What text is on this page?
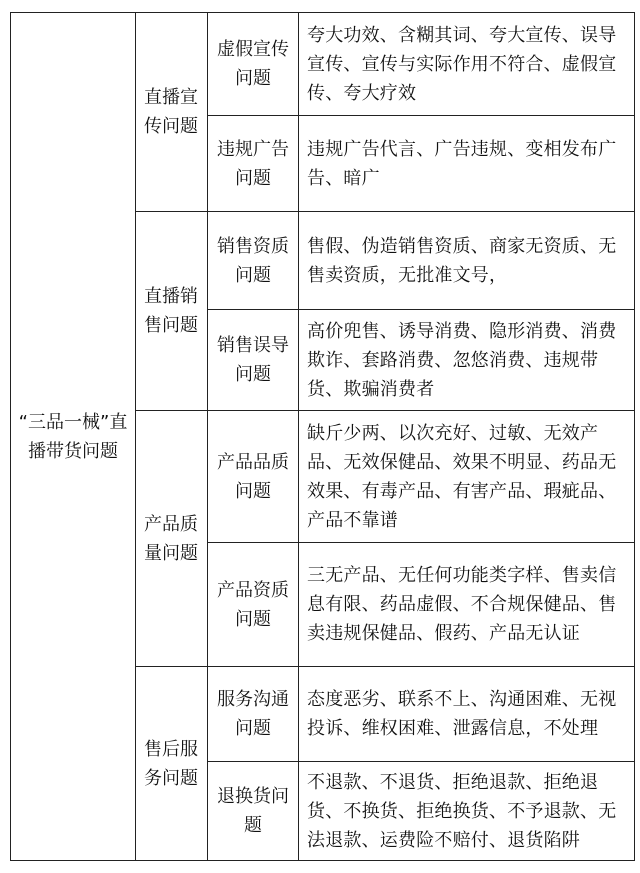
“三品一械”直播带货问题	直播宣传问题	虚假宣传问题	夸大功效、含糊其词、夸大宣传、误导宣传、宣传与实际作用不符合、虚假宣传、夸大疗效
		违规广告问题	违规广告代言、广告违规、变相发布广告、暗广
	直播销售问题	销售资质问题	售假、伪造销售资质、商家无资质、无售卖资质，无批准文号，
		销售误导问题	高价兜售、诱导消费、隐形消费、消费欺诈、套路消费、忽悠消费、违规带货、欺骗消费者
	产品质量问题	产品品质问题	缺斤少两、以次充好、过敏、无效产品、无效保健品、效果不明显、药品无效果、有毒产品、有害产品、瑕疵品、产品不靠谱
		产品资质问题	三无产品、无任何功能类字样、售卖信息有限、药品虚假、不合规保健品、售卖违规保健品、假药、产品无认证
	售后服务问题	服务沟通问题	态度恶劣、联系不上、沟通困难、无视投诉、维权困难、泄露信息，不处理
		退换货问题	不退款、不退货、拒绝退款、拒绝退货、不换货、拒绝换货、不予退款、无法退款、运费险不赔付、退货陷阱
